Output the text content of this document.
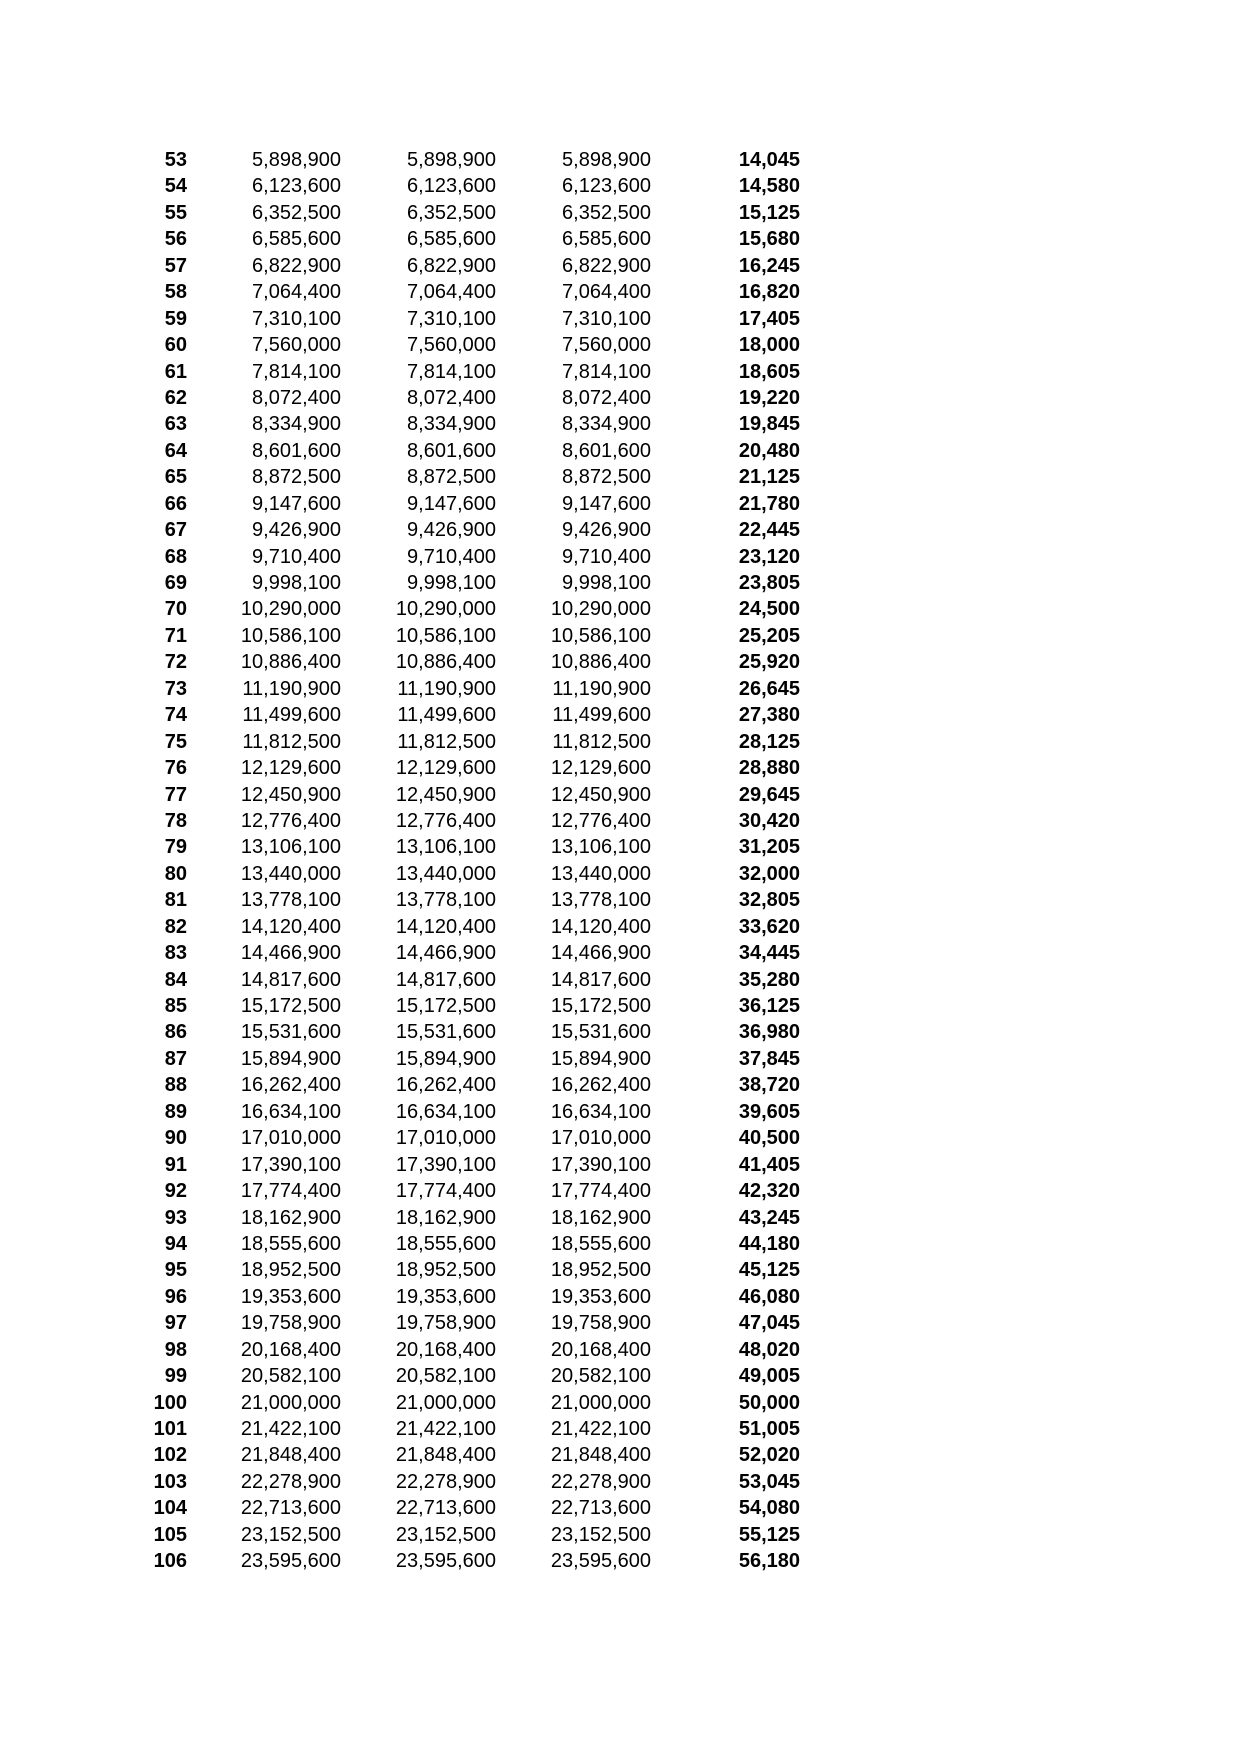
53	5,898,900	5,898,900	5,898,900	14,045
54	6,123,600	6,123,600	6,123,600	14,580
55	6,352,500	6,352,500	6,352,500	15,125
56	6,585,600	6,585,600	6,585,600	15,680
57	6,822,900	6,822,900	6,822,900	16,245
58	7,064,400	7,064,400	7,064,400	16,820
59	7,310,100	7,310,100	7,310,100	17,405
60	7,560,000	7,560,000	7,560,000	18,000
61	7,814,100	7,814,100	7,814,100	18,605
62	8,072,400	8,072,400	8,072,400	19,220
63	8,334,900	8,334,900	8,334,900	19,845
64	8,601,600	8,601,600	8,601,600	20,480
65	8,872,500	8,872,500	8,872,500	21,125
66	9,147,600	9,147,600	9,147,600	21,780
67	9,426,900	9,426,900	9,426,900	22,445
68	9,710,400	9,710,400	9,710,400	23,120
69	9,998,100	9,998,100	9,998,100	23,805
70	10,290,000	10,290,000	10,290,000	24,500
71	10,586,100	10,586,100	10,586,100	25,205
72	10,886,400	10,886,400	10,886,400	25,920
73	11,190,900	11,190,900	11,190,900	26,645
74	11,499,600	11,499,600	11,499,600	27,380
75	11,812,500	11,812,500	11,812,500	28,125
76	12,129,600	12,129,600	12,129,600	28,880
77	12,450,900	12,450,900	12,450,900	29,645
78	12,776,400	12,776,400	12,776,400	30,420
79	13,106,100	13,106,100	13,106,100	31,205
80	13,440,000	13,440,000	13,440,000	32,000
81	13,778,100	13,778,100	13,778,100	32,805
82	14,120,400	14,120,400	14,120,400	33,620
83	14,466,900	14,466,900	14,466,900	34,445
84	14,817,600	14,817,600	14,817,600	35,280
85	15,172,500	15,172,500	15,172,500	36,125
86	15,531,600	15,531,600	15,531,600	36,980
87	15,894,900	15,894,900	15,894,900	37,845
88	16,262,400	16,262,400	16,262,400	38,720
89	16,634,100	16,634,100	16,634,100	39,605
90	17,010,000	17,010,000	17,010,000	40,500
91	17,390,100	17,390,100	17,390,100	41,405
92	17,774,400	17,774,400	17,774,400	42,320
93	18,162,900	18,162,900	18,162,900	43,245
94	18,555,600	18,555,600	18,555,600	44,180
95	18,952,500	18,952,500	18,952,500	45,125
96	19,353,600	19,353,600	19,353,600	46,080
97	19,758,900	19,758,900	19,758,900	47,045
98	20,168,400	20,168,400	20,168,400	48,020
99	20,582,100	20,582,100	20,582,100	49,005
100	21,000,000	21,000,000	21,000,000	50,000
101	21,422,100	21,422,100	21,422,100	51,005
102	21,848,400	21,848,400	21,848,400	52,020
103	22,278,900	22,278,900	22,278,900	53,045
104	22,713,600	22,713,600	22,713,600	54,080
105	23,152,500	23,152,500	23,152,500	55,125
106	23,595,600	23,595,600	23,595,600	56,180
